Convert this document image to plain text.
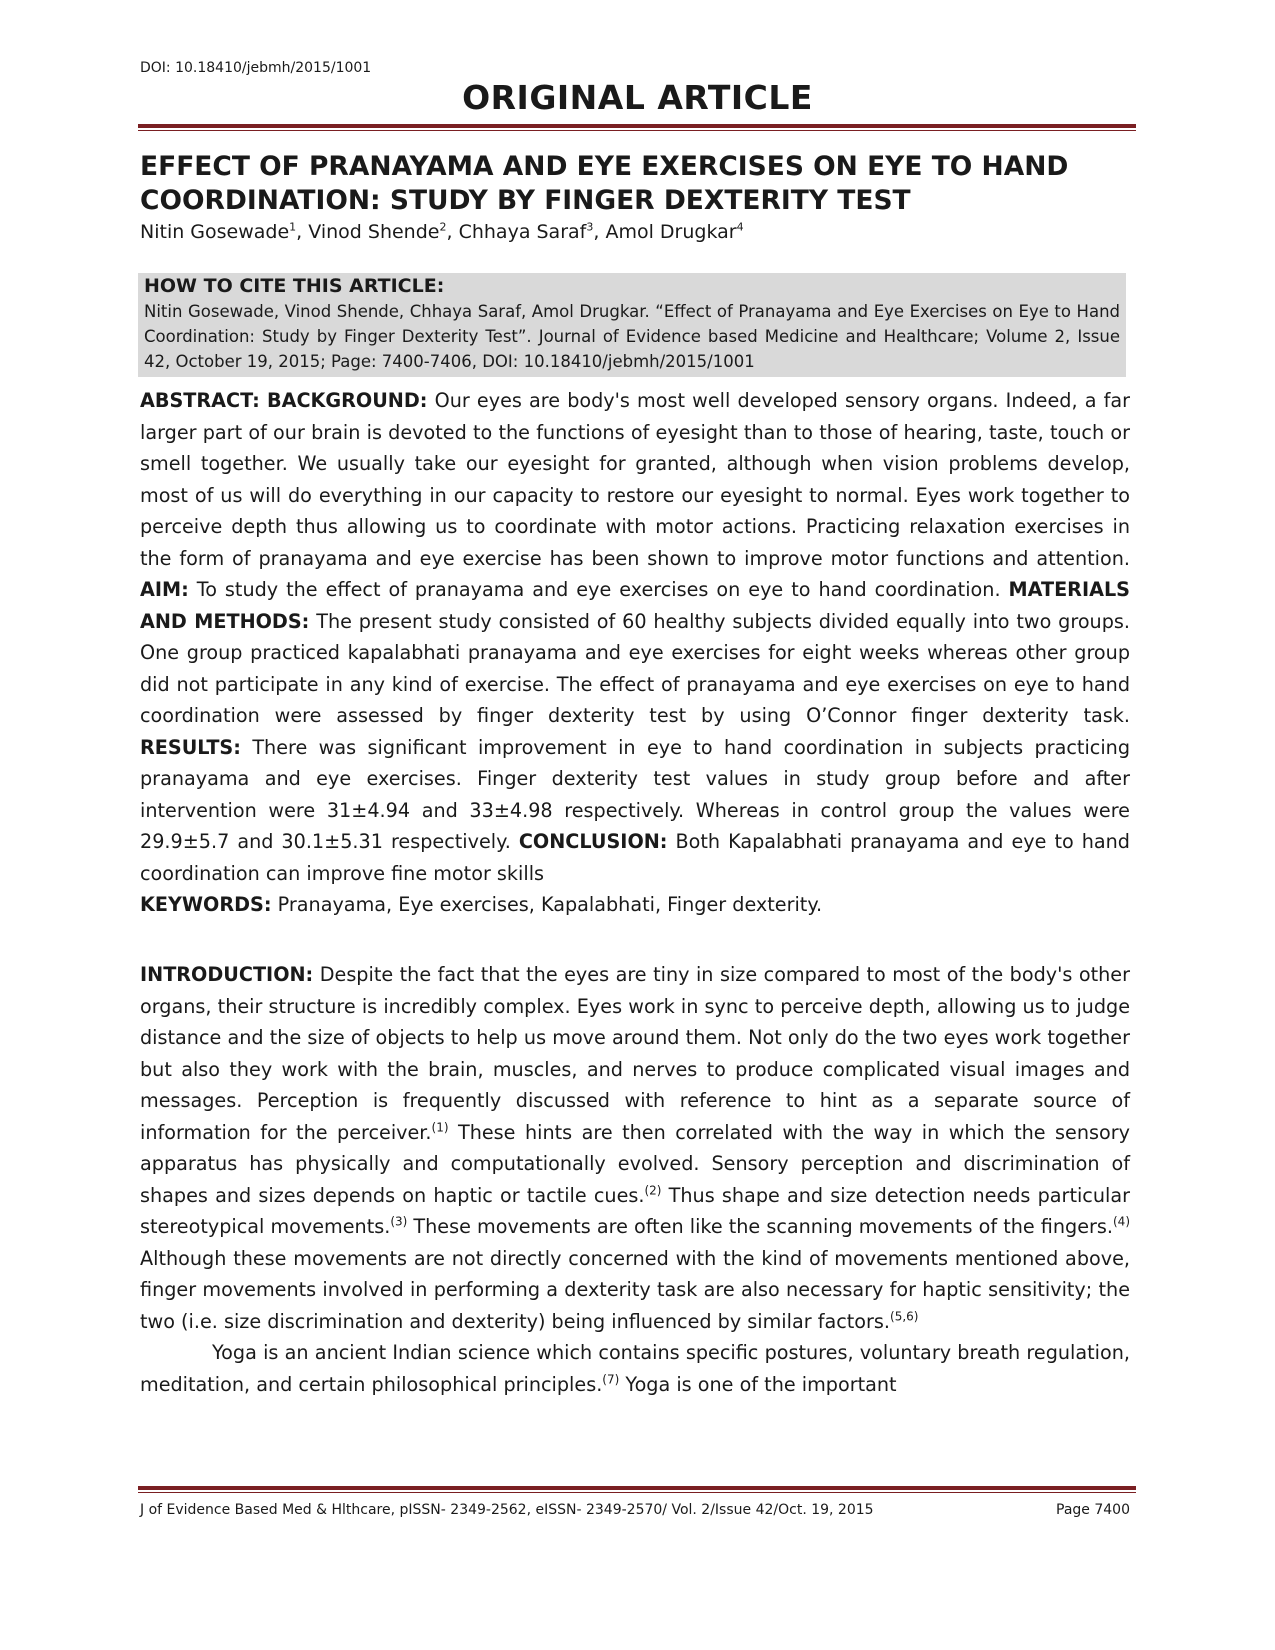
DOI: 10.18410/jebmh/2015/1001
ORIGINAL ARTICLE
EFFECT OF PRANAYAMA AND EYE EXERCISES ON EYE TO HAND COORDINATION: STUDY BY FINGER DEXTERITY TEST
Nitin Gosewade$^1$, Vinod Shende$^2$, Chhaya Saraf$^3$, Amol Drugkar$^4$
HOW TO CITE THIS ARTICLE:
Nitin Gosewade, Vinod Shende, Chhaya Saraf, Amol Drugkar. “Effect of Pranayama and Eye Exercises on Eye to Hand Coordination: Study by Finger Dexterity Test”. Journal of Evidence based Medicine and Healthcare; Volume 2, Issue 42, October 19, 2015; Page: 7400-7406, DOI: 10.18410/jebmh/2015/1001

ABSTRACT: BACKGROUND: Our eyes are body's most well developed sensory organs. Indeed, a far larger part of our brain is devoted to the functions of eyesight than to those of hearing, taste, touch or smell together. We usually take our eyesight for granted, although when vision problems develop, most of us will do everything in our capacity to restore our eyesight to normal. Eyes work together to perceive depth thus allowing us to coordinate with motor actions. Practicing relaxation exercises in the form of pranayama and eye exercise has been shown to improve motor functions and attention. AIM: To study the effect of pranayama and eye exercises on eye to hand coordination. MATERIALS AND METHODS: The present study consisted of 60 healthy subjects divided equally into two groups. One group practiced kapalabhati pranayama and eye exercises for eight weeks whereas other group did not participate in any kind of exercise. The effect of pranayama and eye exercises on eye to hand coordination were assessed by finger dexterity test by using O’Connor finger dexterity task. RESULTS: There was significant improvement in eye to hand coordination in subjects practicing pranayama and eye exercises. Finger dexterity test values in study group before and after intervention were 31±4.94 and 33±4.98 respectively. Whereas in control group the values were 29.9±5.7 and 30.1±5.31 respectively. CONCLUSION: Both Kapalabhati pranayama and eye to hand coordination can improve fine motor skills

KEYWORDS: Pranayama, Eye exercises, Kapalabhati, Finger dexterity.

INTRODUCTION: Despite the fact that the eyes are tiny in size compared to most of the body's other organs, their structure is incredibly complex. Eyes work in sync to perceive depth, allowing us to judge distance and the size of objects to help us move around them. Not only do the two eyes work together but also they work with the brain, muscles, and nerves to produce complicated visual images and messages. Perception is frequently discussed with reference to hint as a separate source of information for the perceiver.$^{(1)}$ These hints are then correlated with the way in which the sensory apparatus has physically and computationally evolved. Sensory perception and discrimination of shapes and sizes depends on haptic or tactile cues.$^{(2)}$ Thus shape and size detection needs particular stereotypical movements.$^{(3)}$ These movements are often like the scanning movements of the fingers.$^{(4)}$ Although these movements are not directly concerned with the kind of movements mentioned above, finger movements involved in performing a dexterity task are also necessary for haptic sensitivity; the two (i.e. size discrimination and dexterity) being influenced by similar factors.$^{(5,6)}$

Yoga is an ancient Indian science which contains specific postures, voluntary breath regulation, meditation, and certain philosophical principles.$^{(7)}$ Yoga is one of the important

J of Evidence Based Med & Hlthcare, pISSN- 2349-2562, eISSN- 2349-2570/ Vol. 2/Issue 42/Oct. 19, 2015	Page 7400
